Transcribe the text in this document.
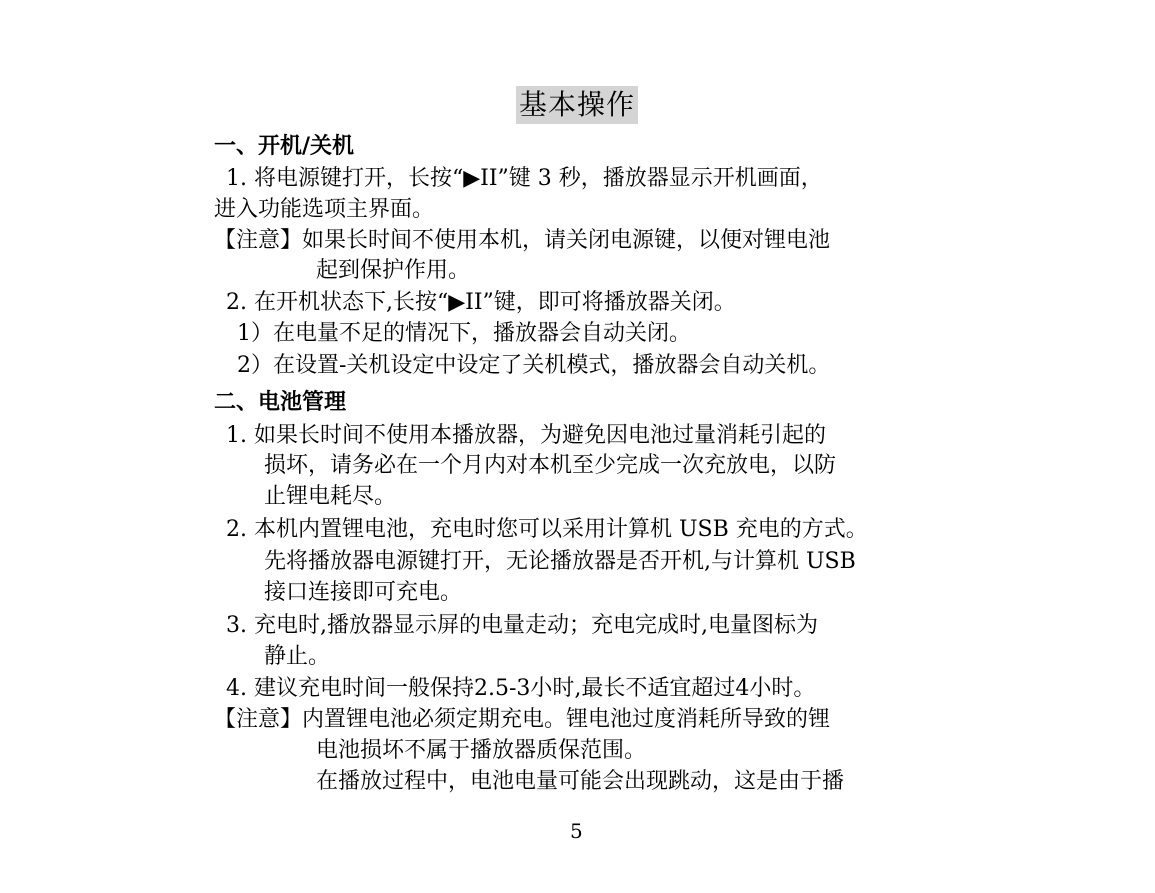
基本操作
一、开机/关机
1. 将电源键打开，长按“▶II”键 3 秒，播放器显示开机画面，
进入功能选项主界面。
【注意】如果长时间不使用本机，请关闭电源键，以便对锂电池
起到保护作用。
2. 在开机状态下,长按“▶II”键，即可将播放器关闭。
1）在电量不足的情况下，播放器会自动关闭。
2）在设置-关机设定中设定了关机模式，播放器会自动关机。
二、电池管理
1. 如果长时间不使用本播放器，为避免因电池过量消耗引起的
损坏，请务必在一个月内对本机至少完成一次充放电，以防
止锂电耗尽。
2. 本机内置锂电池，充电时您可以采用计算机 USB 充电的方式。
先将播放器电源键打开，无论播放器是否开机,与计算机 USB
接口连接即可充电。
3. 充电时,播放器显示屏的电量走动；充电完成时,电量图标为
静止。
4. 建议充电时间一般保持2.5-3小时,最长不适宜超过4小时。
【注意】内置锂电池必须定期充电。锂电池过度消耗所导致的锂
电池损坏不属于播放器质保范围。
在播放过程中，电池电量可能会出现跳动，这是由于播
5
